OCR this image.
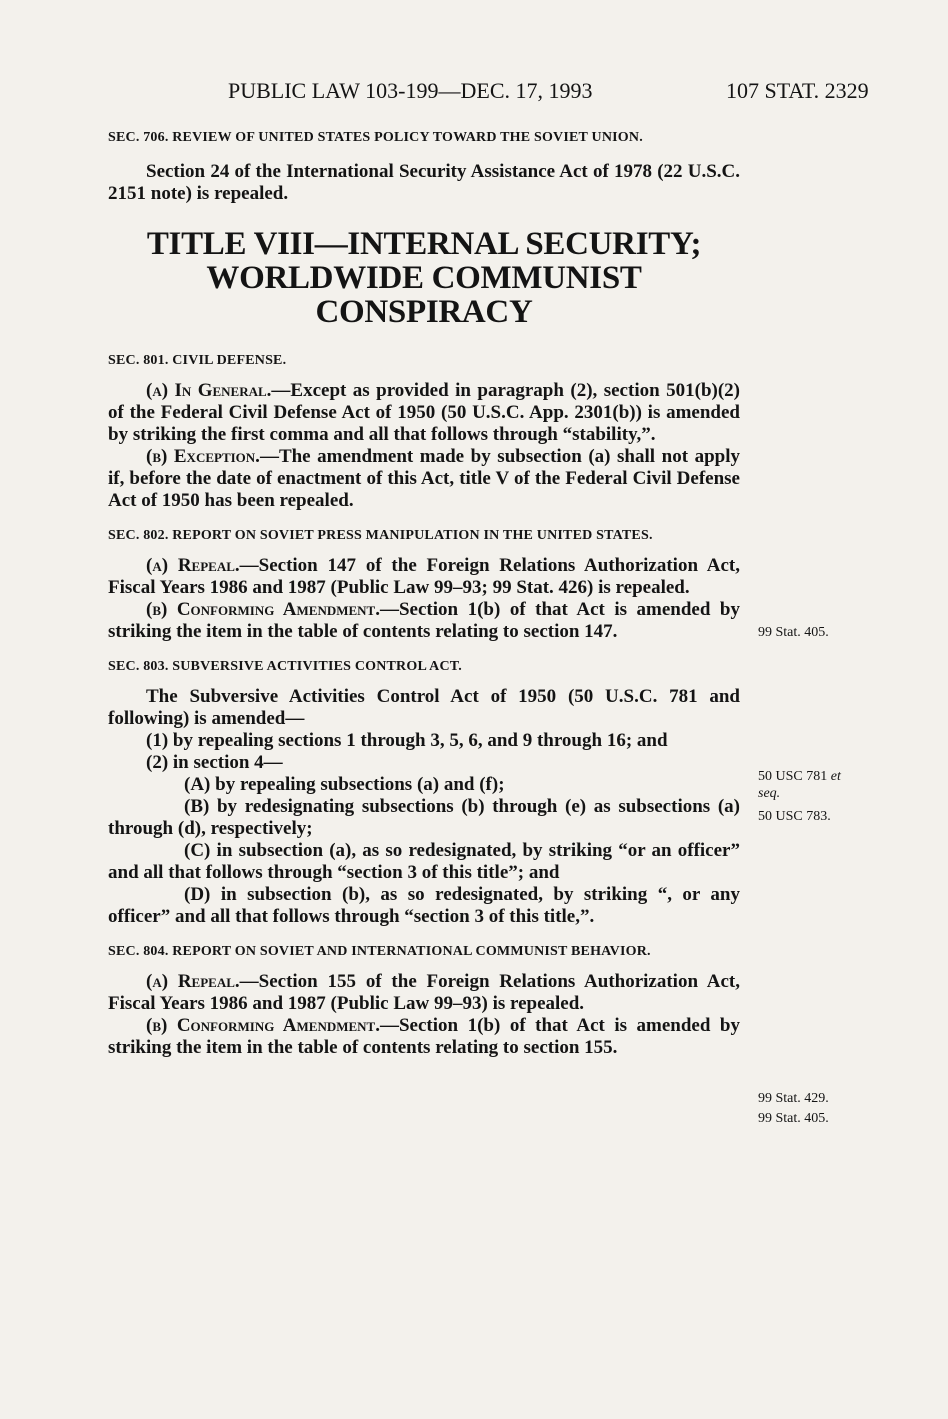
PUBLIC LAW 103-199—DEC. 17, 1993	107 STAT. 2329
99 Stat. 405.
50 USC 781 et
seq.
50 USC 783.
99 Stat. 429.
99 Stat. 405.

SEC. 706. REVIEW OF UNITED STATES POLICY TOWARD THE SOVIET UNION.

Section 24 of the International Security Assistance Act of 1978 (22 U.S.C. 2151 note) is repealed.

TITLE VIII—INTERNAL SECURITY;
WORLDWIDE COMMUNIST CONSPIRACY

SEC. 801. CIVIL DEFENSE.

(a) In General.—Except as provided in paragraph (2), section 501(b)(2) of the Federal Civil Defense Act of 1950 (50 U.S.C. App. 2301(b)) is amended by striking the first comma and all that follows through “stability,”.

(b) Exception.—The amendment made by subsection (a) shall not apply if, before the date of enactment of this Act, title V of the Federal Civil Defense Act of 1950 has been repealed.

SEC. 802. REPORT ON SOVIET PRESS MANIPULATION IN THE UNITED STATES.

(a) Repeal.—Section 147 of the Foreign Relations Authorization Act, Fiscal Years 1986 and 1987 (Public Law 99–93; 99 Stat. 426) is repealed.

(b) Conforming Amendment.—Section 1(b) of that Act is amended by striking the item in the table of contents relating to section 147.

SEC. 803. SUBVERSIVE ACTIVITIES CONTROL ACT.

The Subversive Activities Control Act of 1950 (50 U.S.C. 781 and following) is amended—

(1) by repealing sections 1 through 3, 5, 6, and 9 through 16; and

(2) in section 4—

(A) by repealing subsections (a) and (f);

(B) by redesignating subsections (b) through (e) as subsections (a) through (d), respectively;

(C) in subsection (a), as so redesignated, by striking “or an officer” and all that follows through “section 3 of this title”; and

(D) in subsection (b), as so redesignated, by striking “, or any officer” and all that follows through “section 3 of this title,”.

SEC. 804. REPORT ON SOVIET AND INTERNATIONAL COMMUNIST BEHAVIOR.

(a) Repeal.—Section 155 of the Foreign Relations Authorization Act, Fiscal Years 1986 and 1987 (Public Law 99–93) is repealed.

(b) Conforming Amendment.—Section 1(b) of that Act is amended by striking the item in the table of contents relating to section 155.
